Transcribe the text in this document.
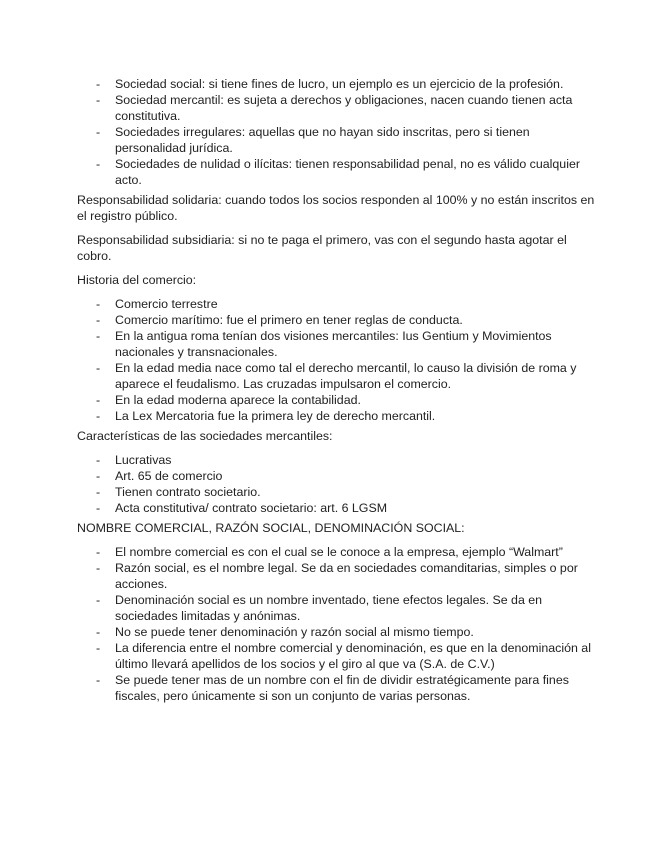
- Sociedad social: si tiene fines de lucro, un ejemplo es un ejercicio de la profesión.
- Sociedad mercantil: es sujeta a derechos y obligaciones, nacen cuando tienen acta constitutiva.
- Sociedades irregulares: aquellas que no hayan sido inscritas, pero si tienen personalidad jurídica.
- Sociedades de nulidad o ilícitas: tienen responsabilidad penal, no es válido cualquier acto.

Responsabilidad solidaria: cuando todos los socios responden al 100% y no están inscritos en el registro público.

Responsabilidad subsidiaria: si no te paga el primero, vas con el segundo hasta agotar el cobro.

Historia del comercio:

- Comercio terrestre
- Comercio marítimo: fue el primero en tener reglas de conducta.
- En la antigua roma tenían dos visiones mercantiles: Ius Gentium y Movimientos nacionales y transnacionales.
- En la edad media nace como tal el derecho mercantil, lo causo la división de roma y aparece el feudalismo. Las cruzadas impulsaron el comercio.
- En la edad moderna aparece la contabilidad.
- La Lex Mercatoria fue la primera ley de derecho mercantil.

Características de las sociedades mercantiles:

- Lucrativas
- Art. 65 de comercio
- Tienen contrato societario.
- Acta constitutiva/ contrato societario: art. 6 LGSM

NOMBRE COMERCIAL, RAZÓN SOCIAL, DENOMINACIÓN SOCIAL:

- El nombre comercial es con el cual se le conoce a la empresa, ejemplo “Walmart”
- Razón social, es el nombre legal. Se da en sociedades comanditarias, simples o por acciones.
- Denominación social es un nombre inventado, tiene efectos legales. Se da en sociedades limitadas y anónimas.
- No se puede tener denominación y razón social al mismo tiempo.
- La diferencia entre el nombre comercial y denominación, es que en la denominación al último llevará apellidos de los socios y el giro al que va (S.A. de C.V.)
- Se puede tener mas de un nombre con el fin de dividir estratégicamente para fines fiscales, pero únicamente si son un conjunto de varias personas.
